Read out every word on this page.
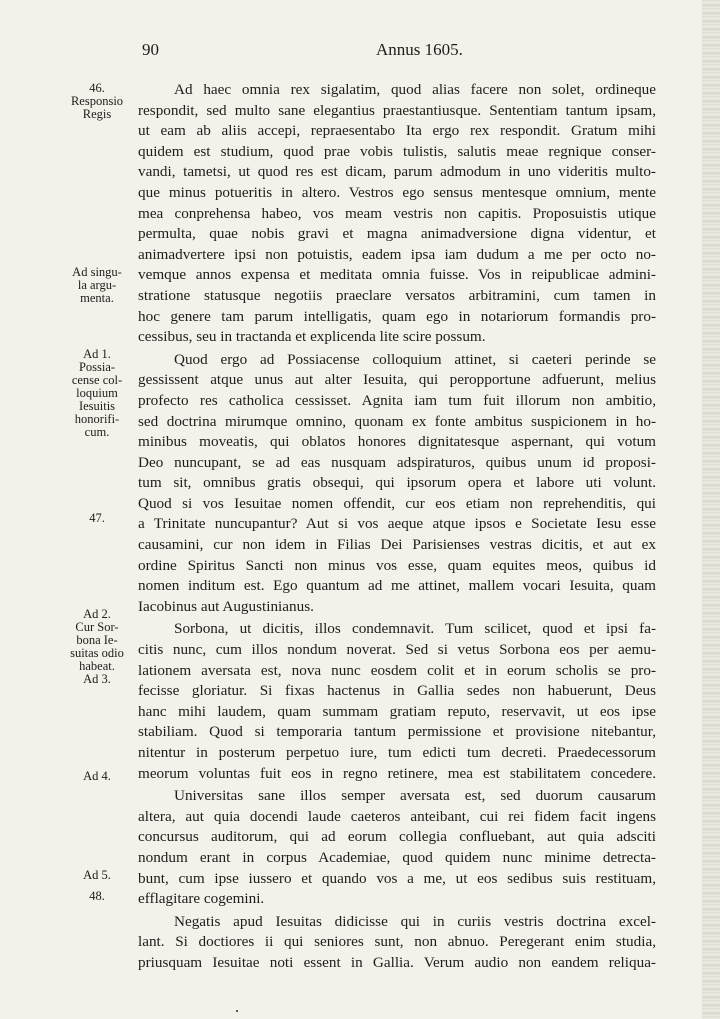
90	Annus 1605.
46.
Responsio
Regis
Ad singu-
la argu-
menta.
Ad 1.
Possia-
cense col-
loquium
Iesuitis
honorifi-
cum.
47.
Ad 2.
Cur Sor-
bona Ie-
suitas odio
habeat.
Ad 3.
Ad 4.
Ad 5.
48.
Ad haec omnia rex sigalatim, quod alias facere non solet, ordineque
respondit, sed multo sane elegantius praestantiusque. Sententiam tantum ipsam,
ut eam ab aliis accepi, repraesentabo Ita ergo rex respondit. Gratum mihi
quidem est studium, quod prae vobis tulistis, salutis meae regnique conser-
vandi, tametsi, ut quod res est dicam, parum admodum in uno videritis multo-
que minus potueritis in altero. Vestros ego sensus mentesque omnium, mente
mea conprehensa habeo, vos meam vestris non capitis. Proposuistis utique
permulta, quae nobis gravi et magna animadversione digna videntur, et
animadvertere ipsi non potuistis, eadem ipsa iam dudum a me per octo no-
vemque annos expensa et meditata omnia fuisse. Vos in reipublicae admini-
stratione statusque negotiis praeclare versatos arbitramini, cum tamen in
hoc genere tam parum intelligatis, quam ego in notariorum formandis pro-
cessibus, seu in tractanda et explicenda lite scire possum.
Quod ergo ad Possiacense colloquium attinet, si caeteri perinde se
gessissent atque unus aut alter Iesuita, qui peropportune adfuerunt, melius
profecto res catholica cessisset. Agnita iam tum fuit illorum non ambitio,
sed doctrina mirumque omnino, quonam ex fonte ambitus suspicionem in ho-
minibus moveatis, qui oblatos honores dignitatesque aspernant, qui votum
Deo nuncupant, se ad eas nusquam adspiraturos, quibus unum id proposi-
tum sit, omnibus gratis obsequi, qui ipsorum opera et labore uti volunt.
Quod si vos Iesuitae nomen offendit, cur eos etiam non reprehenditis, qui
a Trinitate nuncupantur? Aut si vos aeque atque ipsos e Societate Iesu esse
causamini, cur non idem in Filias Dei Parisienses vestras dicitis, et aut ex
ordine Spiritus Sancti non minus vos esse, quam equites meos, quibus id
nomen inditum est. Ego quantum ad me attinet, mallem vocari Iesuita, quam
Iacobinus aut Augustinianus.
Sorbona, ut dicitis, illos condemnavit. Tum scilicet, quod et ipsi fa-
citis nunc, cum illos nondum noverat. Sed si vetus Sorbona eos per aemu-
lationem aversata est, nova nunc eosdem colit et in eorum scholis se pro-
fecisse gloriatur. Si fixas hactenus in Gallia sedes non habuerunt, Deus
hanc mihi laudem, quam summam gratiam reputo, reservavit, ut eos ipse
stabiliam. Quod si temporaria tantum permissione et provisione nitebantur,
nitentur in posterum perpetuo iure, tum edicti tum decreti. Praedecessorum
meorum voluntas fuit eos in regno retinere, mea est stabilitatem concedere.
Universitas sane illos semper aversata est, sed duorum causarum
altera, aut quia docendi laude caeteros anteibant, cui rei fidem facit ingens
concursus auditorum, qui ad eorum collegia confluebant, aut quia adsciti
nondum erant in corpus Academiae, quod quidem nunc minime detrecta-
bunt, cum ipse iussero et quando vos a me, ut eos sedibus suis restituam,
efflagitare cogemini.
Negatis apud Iesuitas didicisse qui in curiis vestris doctrina excel-
lant. Si doctiores ii qui seniores sunt, non abnuo. Peregerant enim studia,
priusquam Iesuitae noti essent in Gallia. Verum audio non eandem reliqua-
